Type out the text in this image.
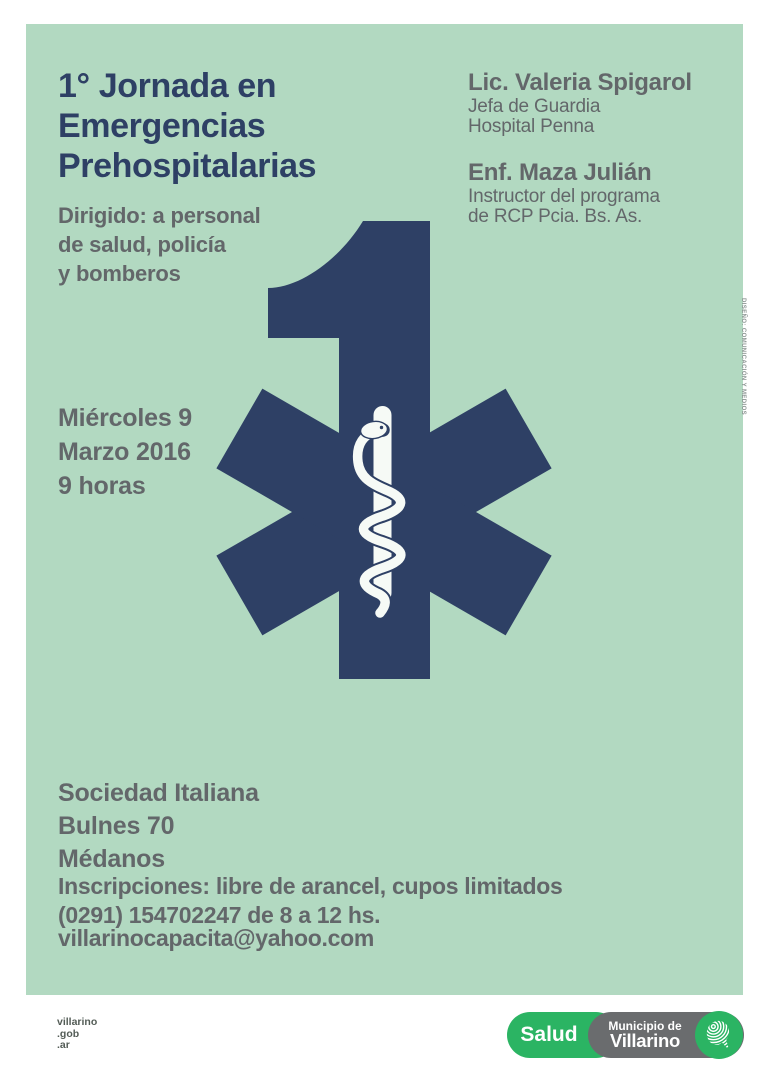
1° Jornada en
Emergencias
Prehospitalarias
Dirigido: a personal
de salud, policía
y bomberos
Lic. Valeria Spigarol
Jefa de Guardia
Hospital Penna
Enf. Maza Julián
Instructor del programa
de RCP Pcia. Bs. As.
Miércoles 9
Marzo 2016
9 horas
Sociedad Italiana
Bulnes 70
Médanos
Inscripciones: libre de arancel, cupos limitados
(0291) 154702247 de 8 a 12 hs.
villarinocapacita@yahoo.com
DISEÑO: COMUNICACIÓN Y MEDIOS
villarino
.gob
.ar	Salud	Municipio de
Villarino
